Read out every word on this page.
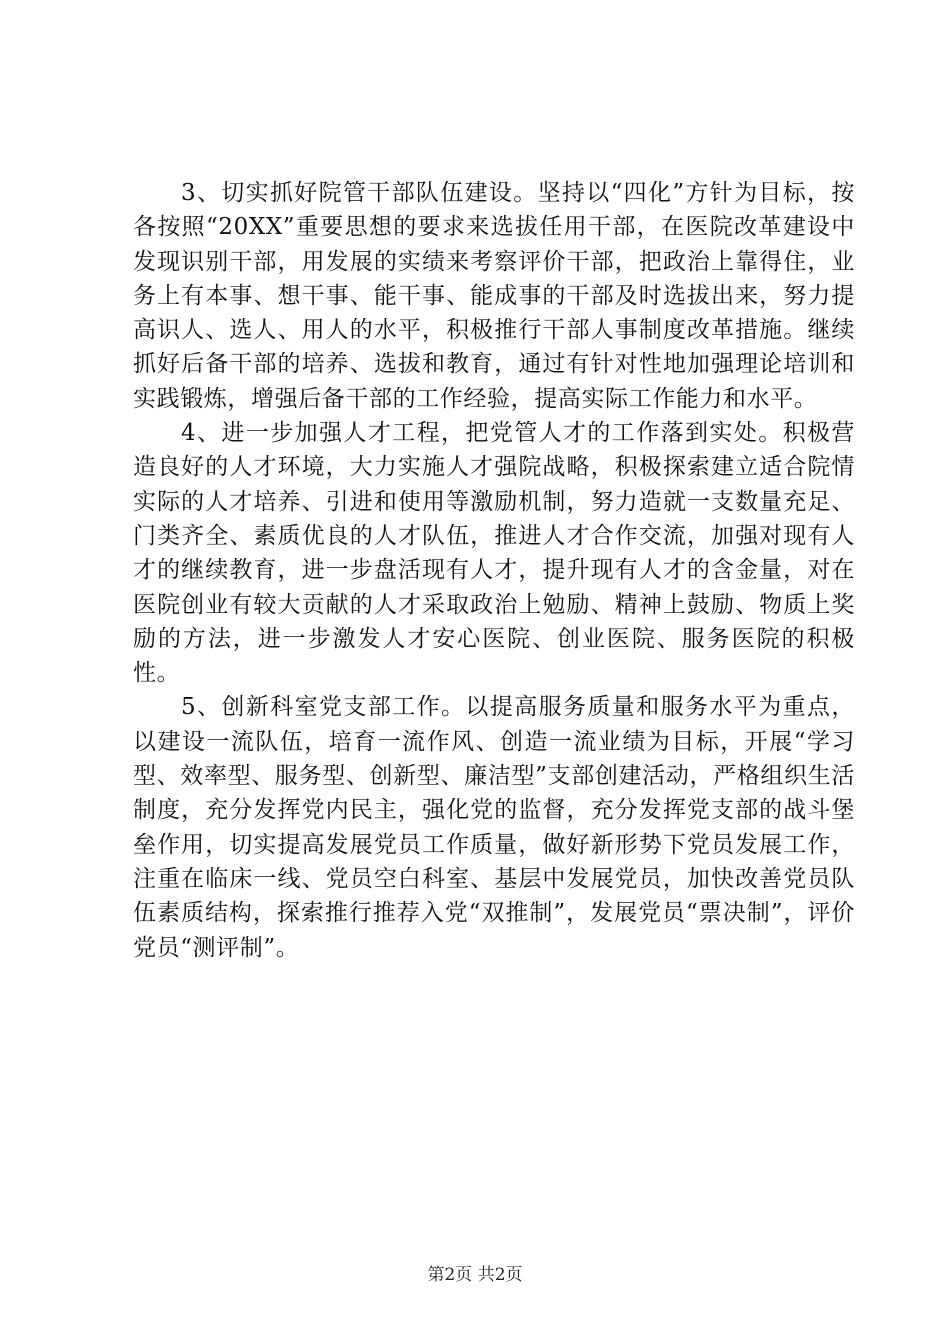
3、切实抓好院管干部队伍建设。坚持以“四化”方针为目标，按各按照“20XX”重要思想的要求来选拔任用干部，在医院改革建设中发现识别干部，用发展的实绩来考察评价干部，把政治上靠得住，业务上有本事、想干事、能干事、能成事的干部及时选拔出来，努力提高识人、选人、用人的水平，积极推行干部人事制度改革措施。继续抓好后备干部的培养、选拔和教育，通过有针对性地加强理论培训和实践锻炼，增强后备干部的工作经验，提高实际工作能力和水平。

4、进一步加强人才工程，把党管人才的工作落到实处。积极营造良好的人才环境，大力实施人才强院战略，积极探索建立适合院情实际的人才培养、引进和使用等激励机制，努力造就一支数量充足、门类齐全、素质优良的人才队伍，推进人才合作交流，加强对现有人才的继续教育，进一步盘活现有人才，提升现有人才的含金量，对在医院创业有较大贡献的人才采取政治上勉励、精神上鼓励、物质上奖励的方法，进一步激发人才安心医院、创业医院、服务医院的积极性。

5、创新科室党支部工作。以提高服务质量和服务水平为重点，以建设一流队伍，培育一流作风、创造一流业绩为目标，开展“学习型、效率型、服务型、创新型、廉洁型”支部创建活动，严格组织生活制度，充分发挥党内民主，强化党的监督，充分发挥党支部的战斗堡垒作用，切实提高发展党员工作质量，做好新形势下党员发展工作，注重在临床一线、党员空白科室、基层中发展党员，加快改善党员队伍素质结构，探索推行推荐入党“双推制”，发展党员“票决制”，评价党员“测评制”。

第2页 共2页
